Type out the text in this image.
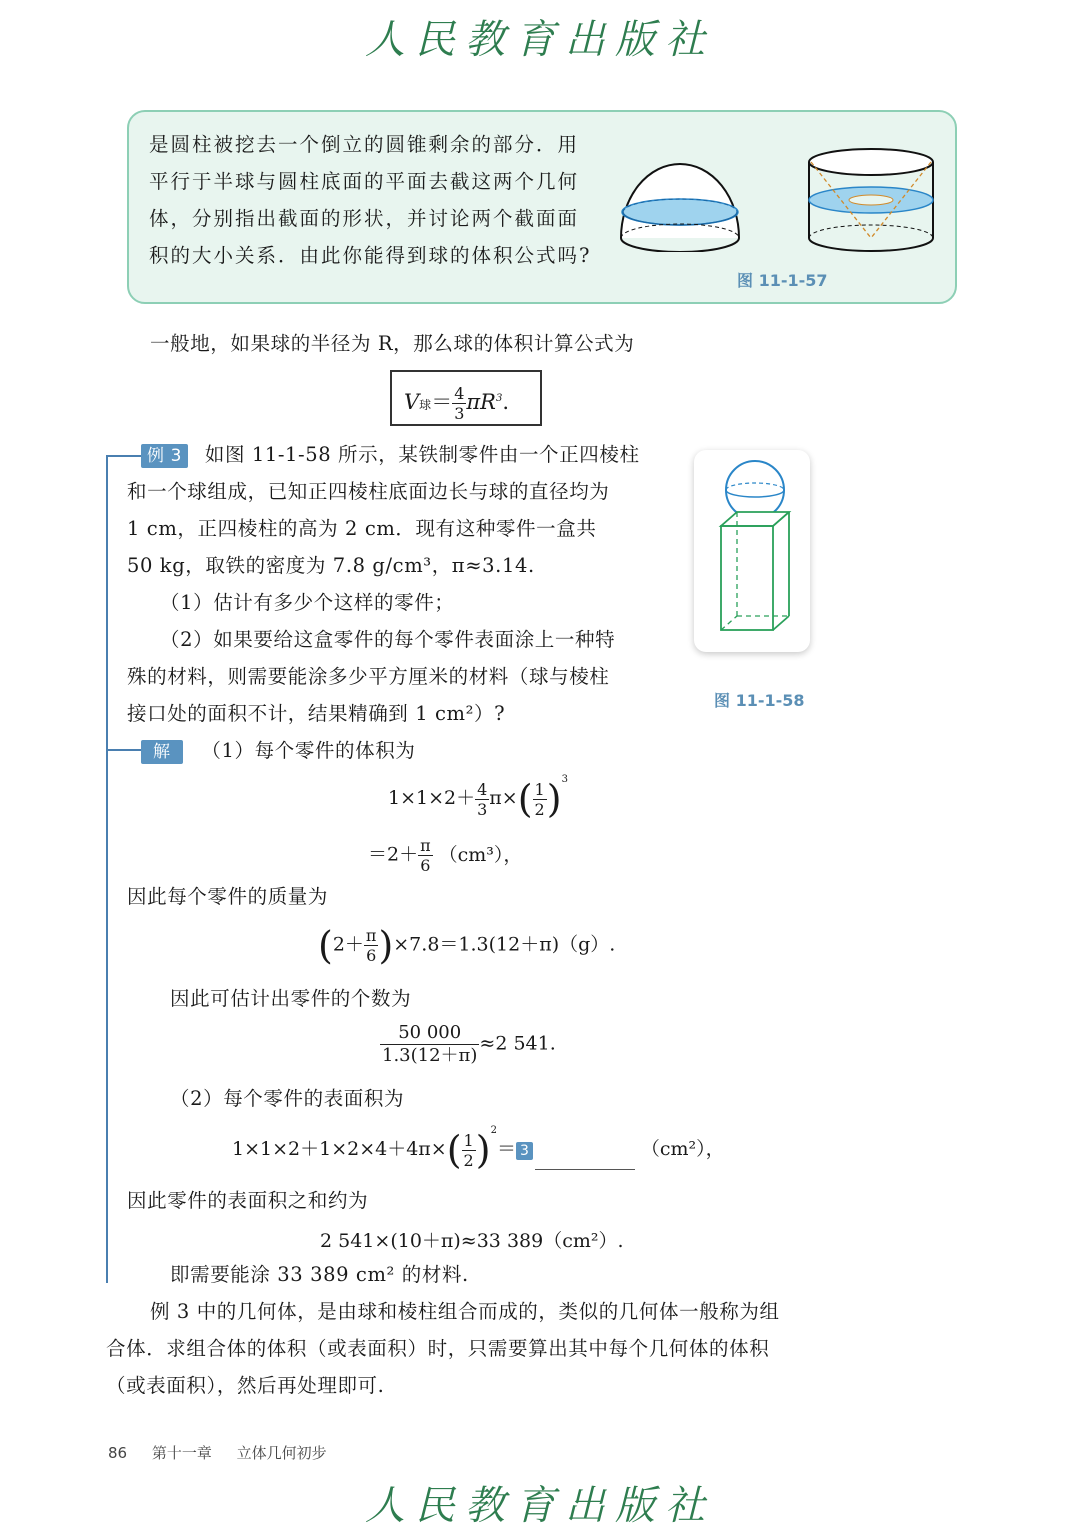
人民教育出版社
是圆柱被挖去一个倒立的圆锥剩余的部分．用
平行于半球与圆柱底面的平面去截这两个几何
体，分别指出截面的形状，并讨论两个截面面
积的大小关系．由此你能得到球的体积公式吗?
图 11-1-57
一般地，如果球的半径为 R，那么球的体积计算公式为
V球＝ $\frac{4}{3} \pi R^3$.
例 3 如图 11-1-58 所示，某铁制零件由一个正四棱柱
和一个球组成，已知正四棱柱底面边长与球的直径均为
1 cm，正四棱柱的高为 2 cm．现有这种零件一盒共
50 kg，取铁的密度为 7.8 g/cm³，π≈3.14.
（1）估计有多少个这样的零件；
（2）如果要给这盒零件的每个零件表面涂上一种特
殊的材料，则需要能涂多少平方厘米的材料（球与棱柱
接口处的面积不计，结果精确到 1 cm²）?
图 11-1-58
解 （1）每个零件的体积为
$1\times 1\times 2+ \frac{4}{3} \pi\times( \frac{1}{2} )^3$
$=2+ \frac{\pi}{6} (cm^3)$，
因此每个零件的质量为
$(2+ \frac{\pi}{6} )\times 7.8=1.3(12+\pi)(g)$.
因此可估计出零件的个数为
$\frac{50 000}{1.3(12+\pi)} \approx 2$ 541.
（2）每个零件的表面积为
$1\times 1\times 2+1\times 2\times 4+4\pi\times( \frac{1}{2} )^2= 3$	（cm²），
因此零件的表面积之和约为
2 541×(10＋π)≈33 389（cm²）.
即需要能涂 33 389 cm² 的材料.
例 3 中的几何体，是由球和棱柱组合而成的，类似的几何体一般称为组
合体．求组合体的体积（或表面积）时，只需要算出其中每个几何体的体积
（或表面积），然后再处理即可.
86 第十一章 立体几何初步
人民教育出版社
